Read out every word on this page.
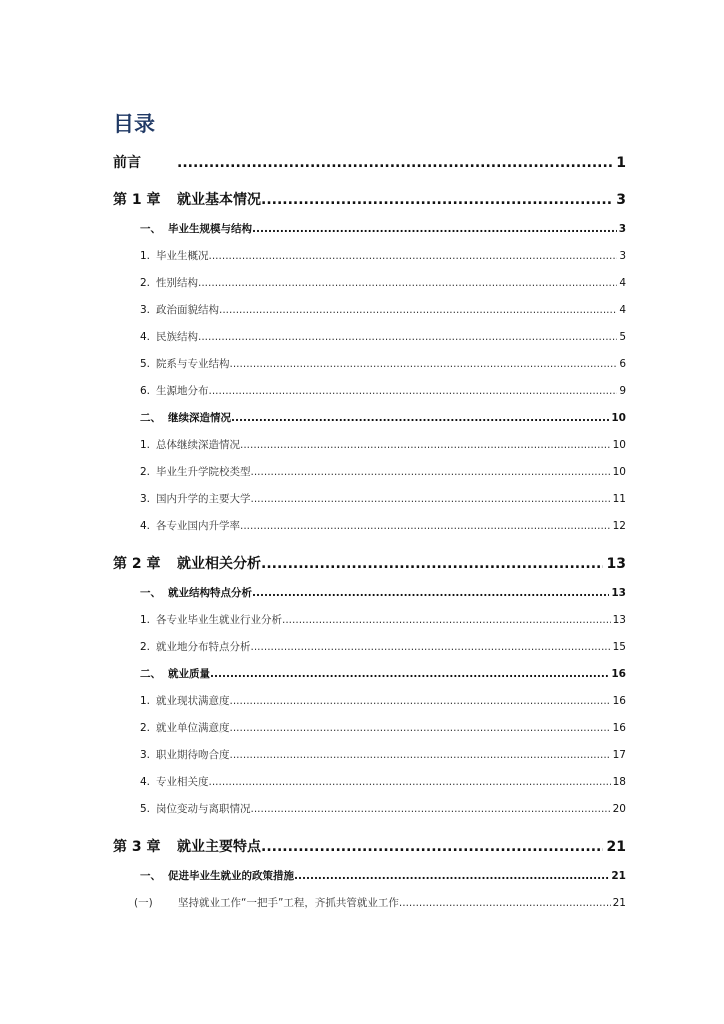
目录
前言 .....	1
第 1 章	就业基本情况 .....	3
一、 毕业生规模与结构 .....	3
1. 毕业生概况 .....	3
2. 性别结构 .....	4
3. 政治面貌结构 .....	4
4. 民族结构 .....	5
5. 院系与专业结构 .....	6
6. 生源地分布 .....	9
二、 继续深造情况 .....	10
1. 总体继续深造情况 .....	10
2. 毕业生升学院校类型 .....	10
3. 国内升学的主要大学 .....	11
4. 各专业国内升学率 .....	12
第 2 章	就业相关分析 .....	13
一、 就业结构特点分析 .....	13
1. 各专业毕业生就业行业分析 .....	13
2. 就业地分布特点分析 .....	15
二、 就业质量 .....	16
1. 就业现状满意度 .....	16
2. 就业单位满意度 .....	16
3. 职业期待吻合度 .....	17
4. 专业相关度 .....	18
5. 岗位变动与离职情况 .....	20
第 3 章	就业主要特点 .....	21
一、 促进毕业生就业的政策措施 .....	21
(一)	坚持就业工作“一把手”工程，齐抓共管就业工作 .....	21
